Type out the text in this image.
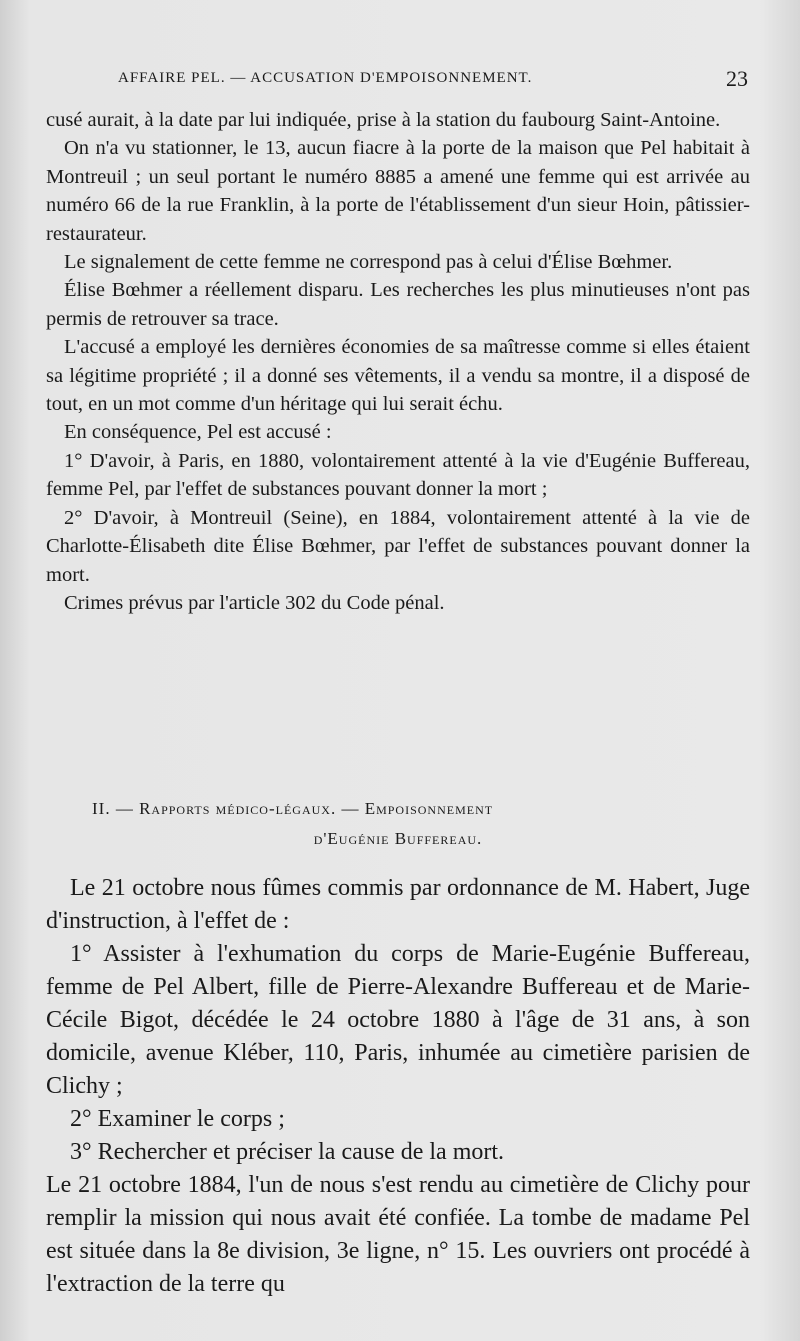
AFFAIRE PEL. — ACCUSATION D'EMPOISONNEMENT.	23

cusé aurait, à la date par lui indiquée, prise à la station du faubourg Saint-Antoine.

On n'a vu stationner, le 13, aucun fiacre à la porte de la maison que Pel habitait à Montreuil ; un seul portant le numéro 8885 a amené une femme qui est arrivée au numéro 66 de la rue Franklin, à la porte de l'établissement d'un sieur Hoin, pâtissier-restaurateur.

Le signalement de cette femme ne correspond pas à celui d'Élise Bœhmer.

Élise Bœhmer a réellement disparu. Les recherches les plus minutieuses n'ont pas permis de retrouver sa trace.

L'accusé a employé les dernières économies de sa maîtresse comme si elles étaient sa légitime propriété ; il a donné ses vêtements, il a vendu sa montre, il a disposé de tout, en un mot comme d'un héritage qui lui serait échu.

En conséquence, Pel est accusé :

1° D'avoir, à Paris, en 1880, volontairement attenté à la vie d'Eugénie Buffereau, femme Pel, par l'effet de substances pouvant donner la mort ;

2° D'avoir, à Montreuil (Seine), en 1884, volontairement attenté à la vie de Charlotte-Élisabeth dite Élise Bœhmer, par l'effet de substances pouvant donner la mort.

Crimes prévus par l'article 302 du Code pénal.

II. — Rapports médico-légaux. — Empoisonnement
d'Eugénie Buffereau.

Le 21 octobre nous fûmes commis par ordonnance de M. Habert, Juge d'instruction, à l'effet de :

1° Assister à l'exhumation du corps de Marie-Eugénie Buffereau, femme de Pel Albert, fille de Pierre-Alexandre Buffereau et de Marie-Cécile Bigot, décédée le 24 octobre 1880 à l'âge de 31 ans, à son domicile, avenue Kléber, 110, Paris, inhumée au cimetière parisien de Clichy ;

2° Examiner le corps ;

3° Rechercher et préciser la cause de la mort.

Le 21 octobre 1884, l'un de nous s'est rendu au cimetière de Clichy pour remplir la mission qui nous avait été confiée. La tombe de madame Pel est située dans la 8e division, 3e ligne, n° 15. Les ouvriers ont procédé à l'extraction de la terre qu
